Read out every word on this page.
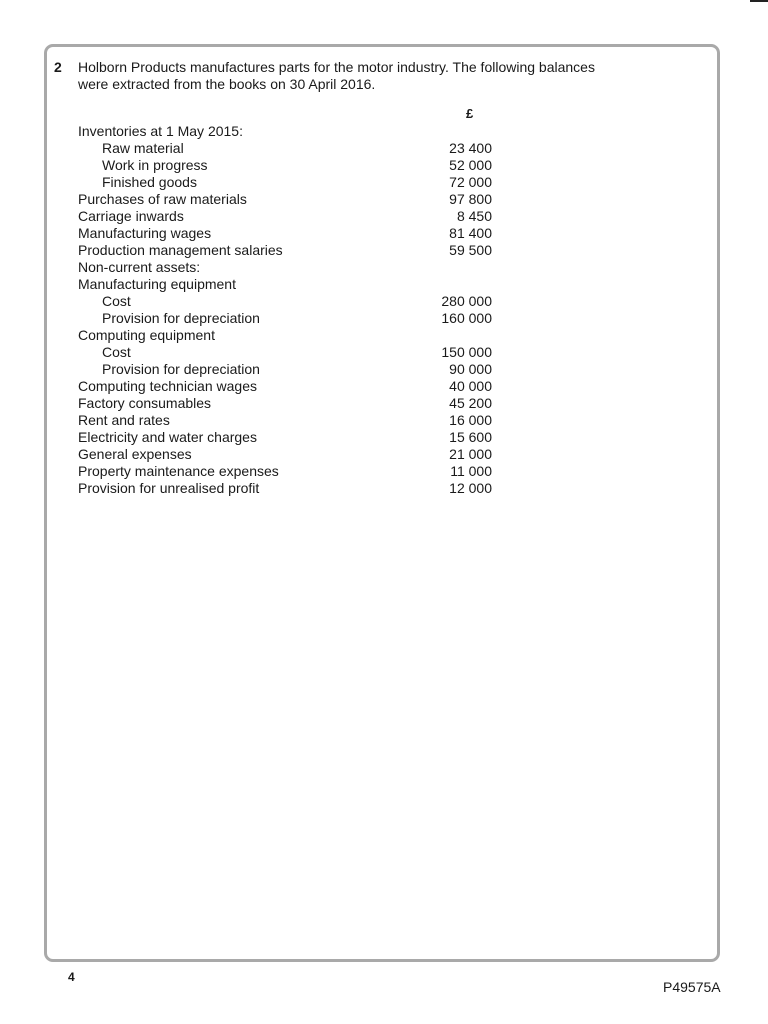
2 Holborn Products manufactures parts for the motor industry. The following balances
were extracted from the books on 30 April 2016.
£
Inventories at 1 May 2015:
Raw material	23 400
Work in progress	52 000
Finished goods	72 000
Purchases of raw materials	97 800
Carriage inwards	8 450
Manufacturing wages	81 400
Production management salaries	59 500
Non-current assets:
Manufacturing equipment
Cost	280 000
Provision for depreciation	160 000
Computing equipment
Cost	150 000
Provision for depreciation	90 000
Computing technician wages	40 000
Factory consumables	45 200
Rent and rates	16 000
Electricity and water charges	15 600
General expenses	21 000
Property maintenance expenses	11 000
Provision for unrealised profit	12 000
4
P49575A
